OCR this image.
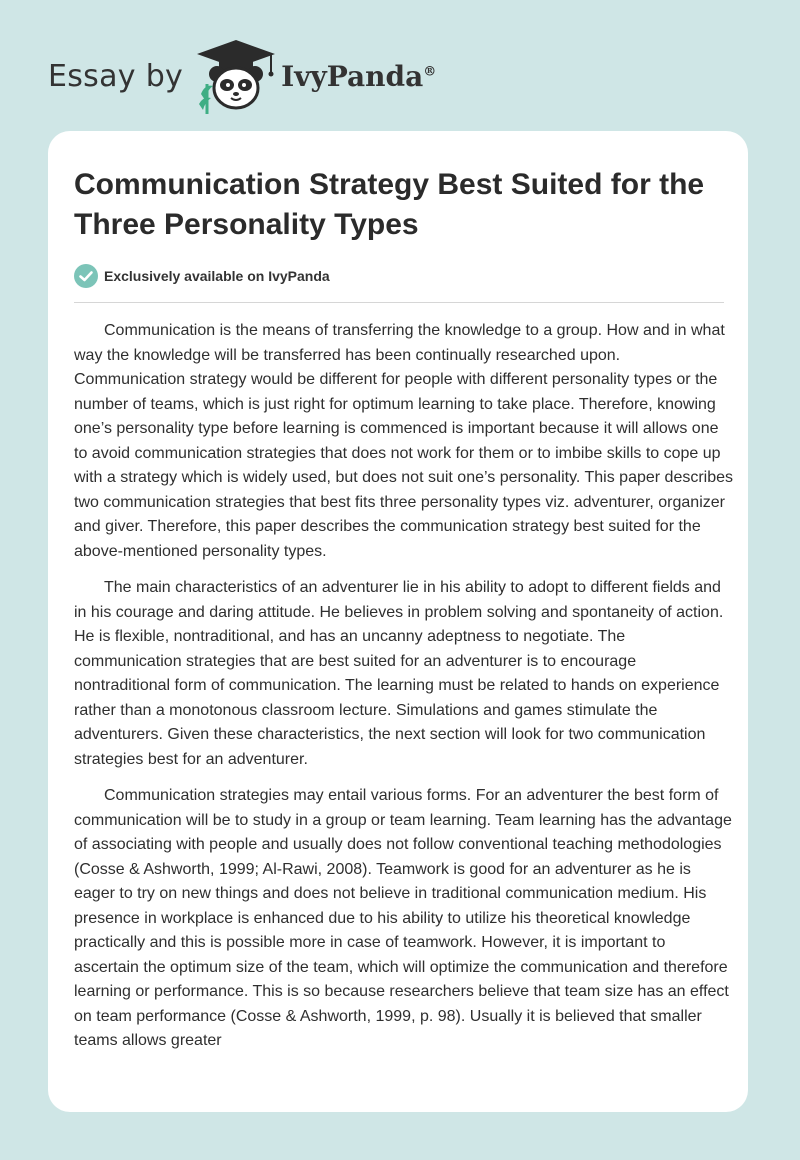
Essay by	IvyPanda®
Communication Strategy Best Suited for the Three Personality Types
Exclusively available on IvyPanda

Communication is the means of transferring the knowledge to a group. How and in what way the knowledge will be transferred has been continually researched upon. Communication strategy would be different for people with different personality types or the number of teams, which is just right for optimum learning to take place. Therefore, knowing one’s personality type before learning is commenced is important because it will allows one to avoid communication strategies that does not work for them or to imbibe skills to cope up with a strategy which is widely used, but does not suit one’s personality. This paper describes two communication strategies that best fits three personality types viz. adventurer, organizer and giver. Therefore, this paper describes the communication strategy best suited for the above-mentioned personality types.

The main characteristics of an adventurer lie in his ability to adopt to different fields and in his courage and daring attitude. He believes in problem solving and spontaneity of action. He is flexible, nontraditional, and has an uncanny adeptness to negotiate. The communication strategies that are best suited for an adventurer is to encourage nontraditional form of communication. The learning must be related to hands on experience rather than a monotonous classroom lecture. Simulations and games stimulate the adventurers. Given these characteristics, the next section will look for two communication strategies best for an adventurer.

Communication strategies may entail various forms. For an adventurer the best form of communication will be to study in a group or team learning. Team learning has the advantage of associating with people and usually does not follow conventional teaching methodologies (Cosse & Ashworth, 1999; Al-Rawi, 2008). Teamwork is good for an adventurer as he is eager to try on new things and does not believe in traditional communication medium. His presence in workplace is enhanced due to his ability to utilize his theoretical knowledge practically and this is possible more in case of teamwork. However, it is important to ascertain the optimum size of the team, which will optimize the communication and therefore learning or performance. This is so because researchers believe that team size has an effect on team performance (Cosse & Ashworth, 1999, p. 98). Usually it is believed that smaller teams allows greater
